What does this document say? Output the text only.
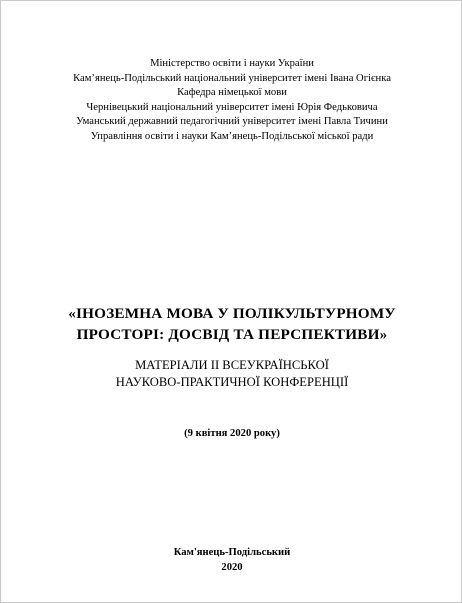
Міністерство освіти і науки України
Кам’янець-Подільський національний університет імені Івана Огієнка
Кафедра німецької мови
Чернівецький національний університет імені Юрія Федьковича
Уманський державний педагогічний університет імені Павла Тичини
Управління освіти і науки Кам’янець-Подільської міської ради
«ІНОЗЕМНА МОВА У ПОЛІКУЛЬТУРНОМУ
ПРОСТОРІ: ДОСВІД ТА ПЕРСПЕКТИВИ»
МАТЕРІАЛИ ІІ ВСЕУКРАЇНСЬКОЇ
НАУКОВО-ПРАКТИЧНОЇ КОНФЕРЕНЦІЇ
(9 квітня 2020 року)
Кам'янець-Подільський
2020
